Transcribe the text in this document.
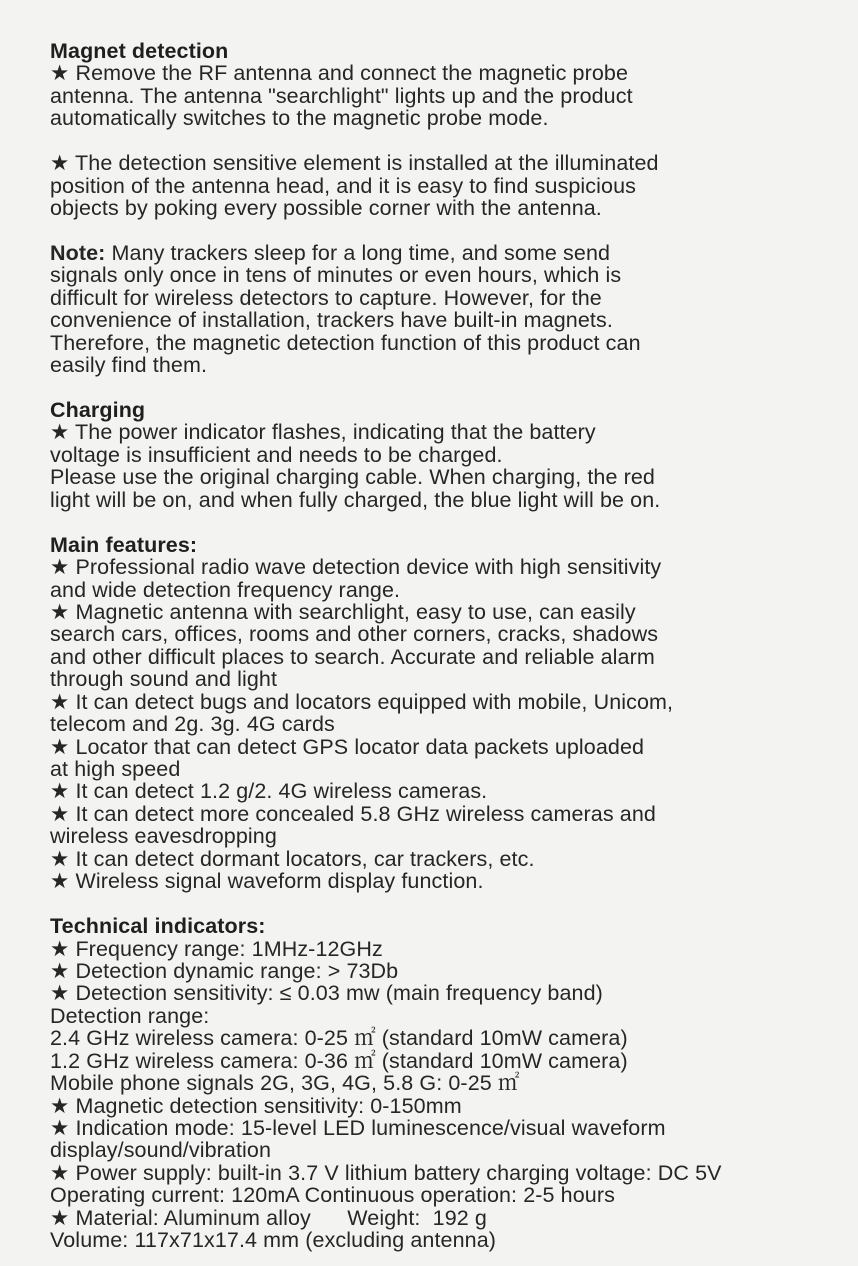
Magnet detection
★ Remove the RF antenna and connect the magnetic probe
antenna. The antenna "searchlight" lights up and the product
automatically switches to the magnetic probe mode.
★ The detection sensitive element is installed at the illuminated
position of the antenna head, and it is easy to find suspicious
objects by poking every possible corner with the antenna.
Note: Many trackers sleep for a long time, and some send
signals only once in tens of minutes or even hours, which is
difficult for wireless detectors to capture. However, for the
convenience of installation, trackers have built-in magnets.
Therefore, the magnetic detection function of this product can
easily find them.
Charging
★ The power indicator flashes, indicating that the battery
voltage is insufficient and needs to be charged.
Please use the original charging cable. When charging, the red
light will be on, and when fully charged, the blue light will be on.
Main features:
★ Professional radio wave detection device with high sensitivity
and wide detection frequency range.
★ Magnetic antenna with searchlight, easy to use, can easily
search cars, offices, rooms and other corners, cracks, shadows
and other difficult places to search. Accurate and reliable alarm
through sound and light
★ It can detect bugs and locators equipped with mobile, Unicom,
telecom and 2g. 3g. 4G cards
★ Locator that can detect GPS locator data packets uploaded
at high speed
★ It can detect 1.2 g/2. 4G wireless cameras.
★ It can detect more concealed 5.8 GHz wireless cameras and
wireless eavesdropping
★ It can detect dormant locators, car trackers, etc.
★ Wireless signal waveform display function.
Technical indicators:
★ Frequency range: 1MHz-12GHz
★ Detection dynamic range: > 73Db
★ Detection sensitivity: ≤ 0.03 mw (main frequency band)
Detection range:
2.4 GHz wireless camera: 0-25 ㎡ (standard 10mW camera)
1.2 GHz wireless camera: 0-36 ㎡ (standard 10mW camera)
Mobile phone signals 2G, 3G, 4G, 5.8 G: 0-25 ㎡
★ Magnetic detection sensitivity: 0-150mm
★ Indication mode: 15-level LED luminescence/visual waveform
display/sound/vibration
★ Power supply: built-in 3.7 V lithium battery charging voltage: DC 5V
Operating current: 120mA Continuous operation: 2-5 hours
★ Material: Aluminum alloy      Weight:  192 g
Volume: 117x71x17.4 mm (excluding antenna)
